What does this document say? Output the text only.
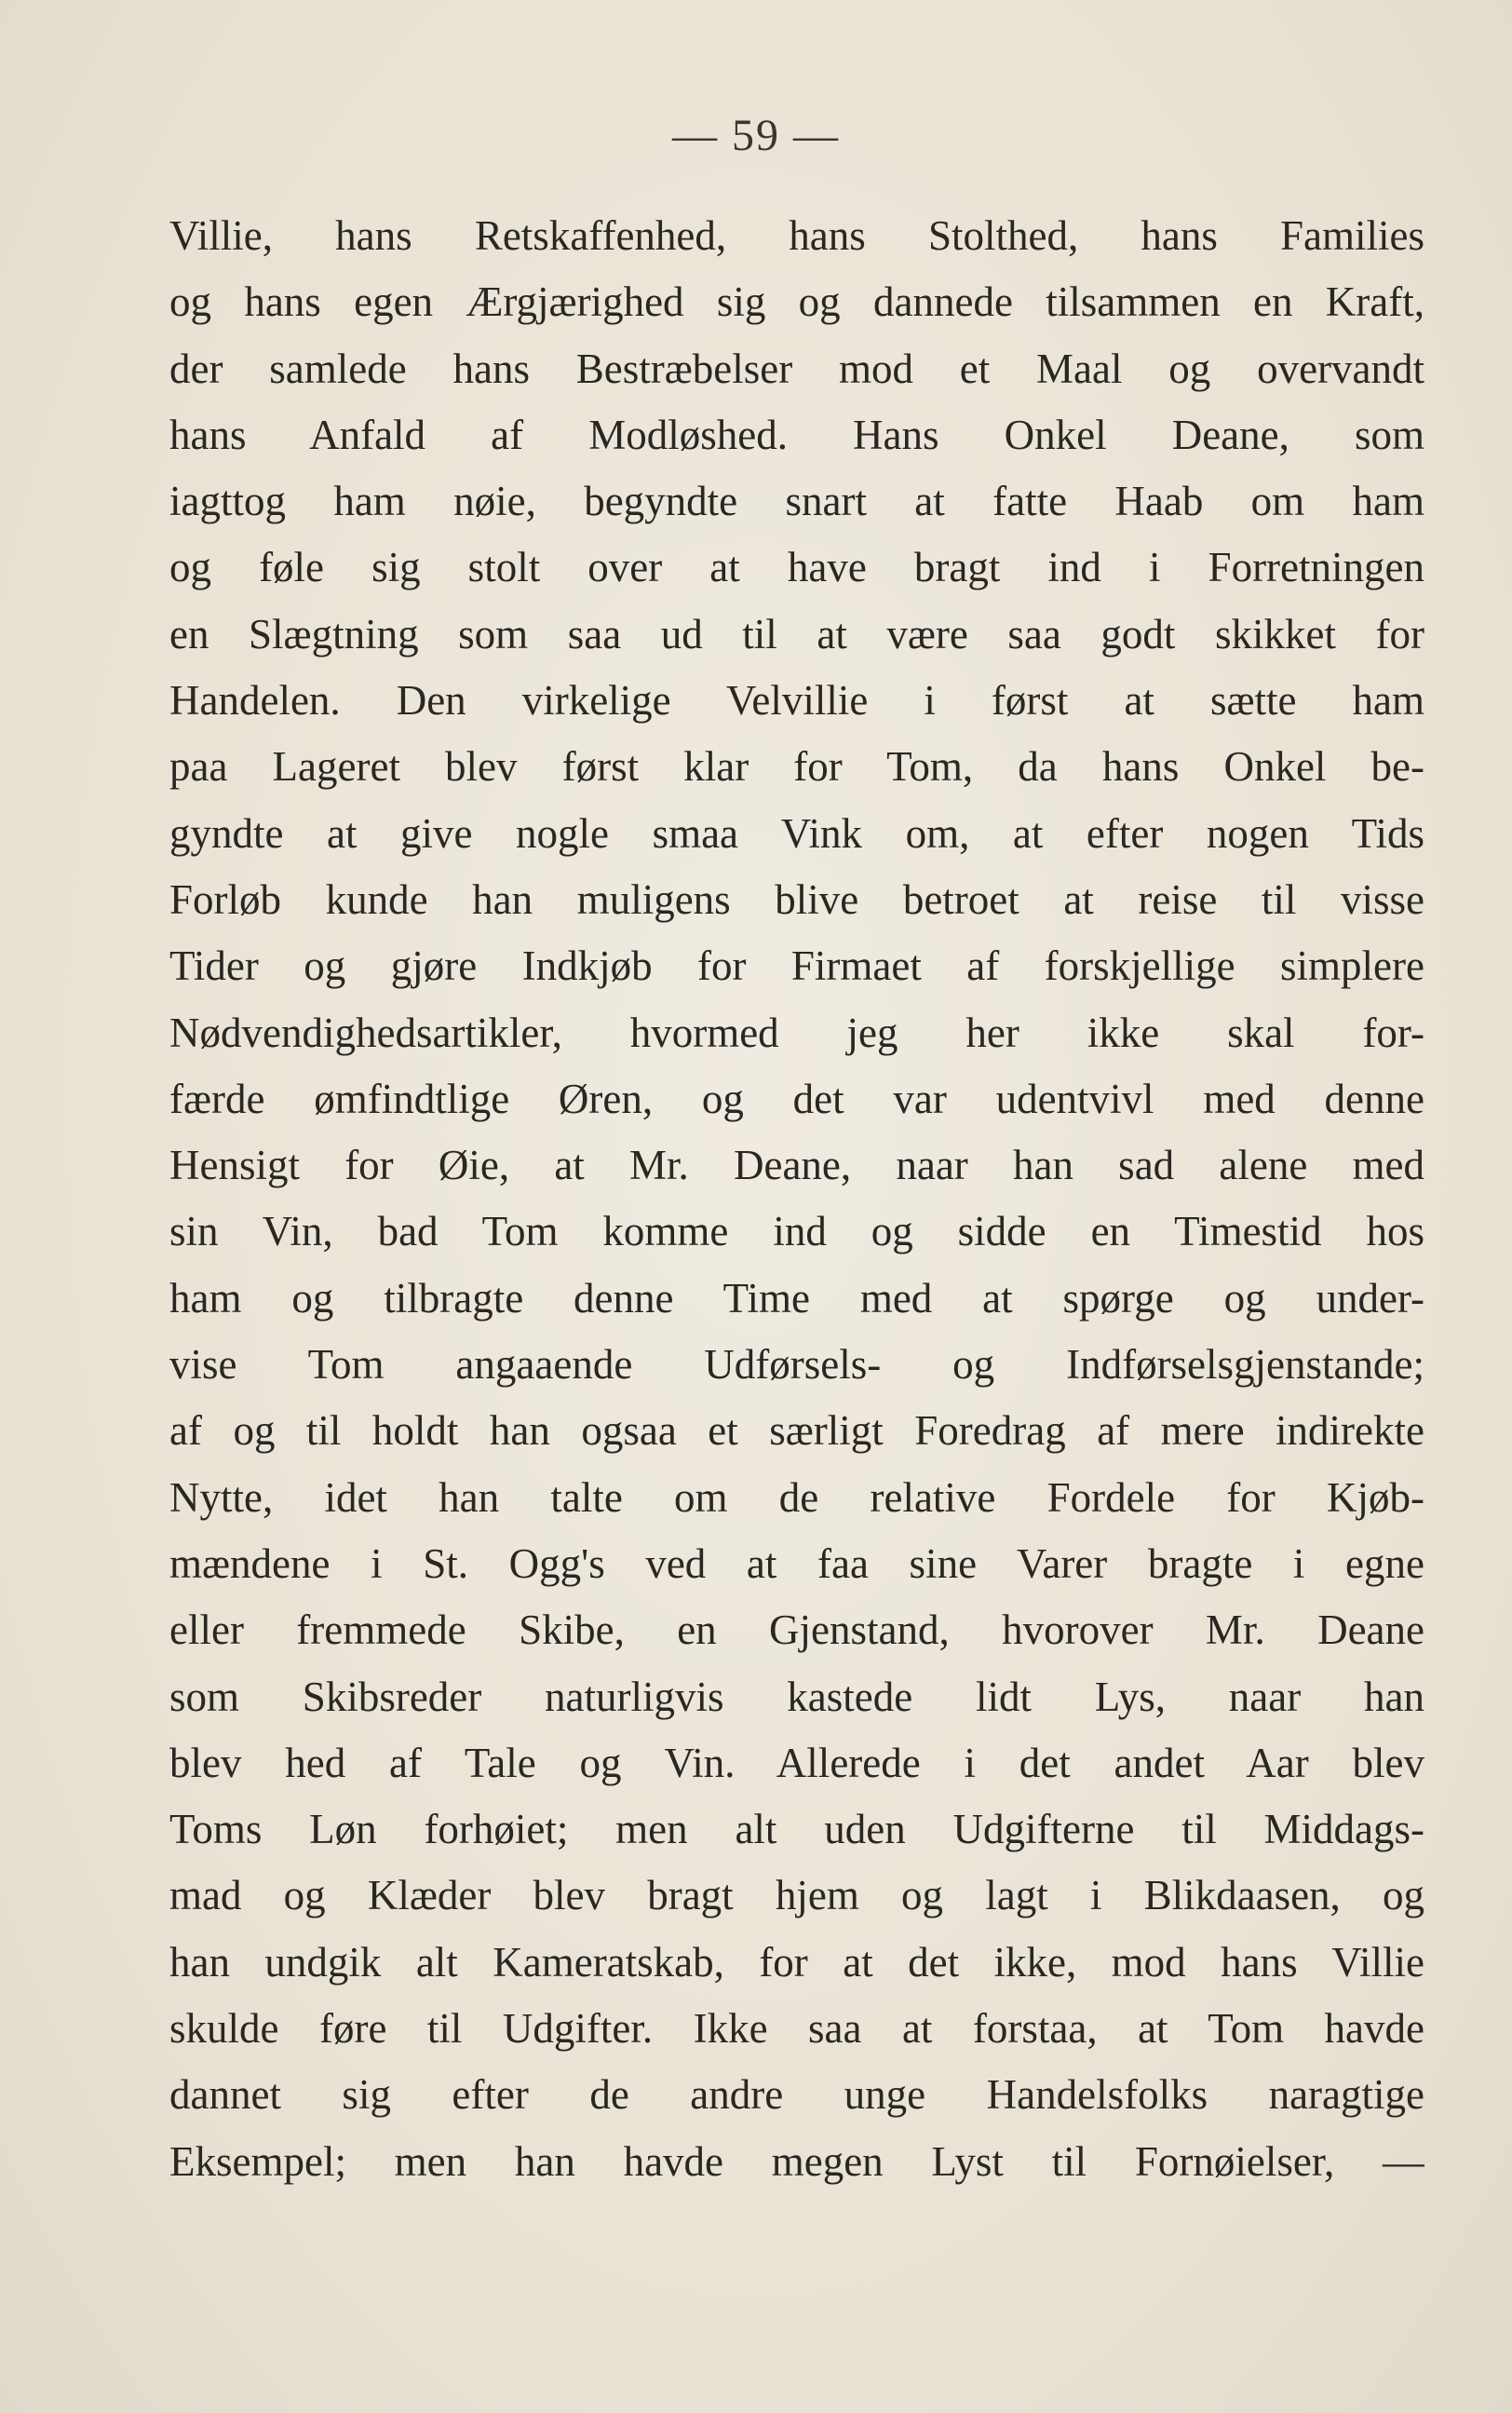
— 59 —
Villie, hans Retskaffenhed, hans Stolthed, hans Families
og hans egen Ærgjærighed sig og dannede tilsammen en Kraft,
der samlede hans Bestræbelser mod et Maal og overvandt
hans Anfald af Modløshed. Hans Onkel Deane, som
iagttog ham nøie, begyndte snart at fatte Haab om ham
og føle sig stolt over at have bragt ind i Forretningen
en Slægtning som saa ud til at være saa godt skikket for
Handelen. Den virkelige Velvillie i først at sætte ham
paa Lageret blev først klar for Tom, da hans Onkel be-
gyndte at give nogle smaa Vink om, at efter nogen Tids
Forløb kunde han muligens blive betroet at reise til visse
Tider og gjøre Indkjøb for Firmaet af forskjellige simplere
Nødvendighedsartikler, hvormed jeg her ikke skal for-
færde ømfindtlige Øren, og det var udentvivl med denne
Hensigt for Øie, at Mr. Deane, naar han sad alene med
sin Vin, bad Tom komme ind og sidde en Timestid hos
ham og tilbragte denne Time med at spørge og under-
vise Tom angaaende Udførsels- og Indførselsgjenstande;
af og til holdt han ogsaa et særligt Foredrag af mere indirekte
Nytte, idet han talte om de relative Fordele for Kjøb-
mændene i St. Ogg's ved at faa sine Varer bragte i egne
eller fremmede Skibe, en Gjenstand, hvorover Mr. Deane
som Skibsreder naturligvis kastede lidt Lys, naar han
blev hed af Tale og Vin. Allerede i det andet Aar blev
Toms Løn forhøiet; men alt uden Udgifterne til Middags-
mad og Klæder blev bragt hjem og lagt i Blikdaasen, og
han undgik alt Kameratskab, for at det ikke, mod hans Villie
skulde føre til Udgifter. Ikke saa at forstaa, at Tom havde
dannet sig efter de andre unge Handelsfolks naragtige
Eksempel; men han havde megen Lyst til Fornøielser, —
